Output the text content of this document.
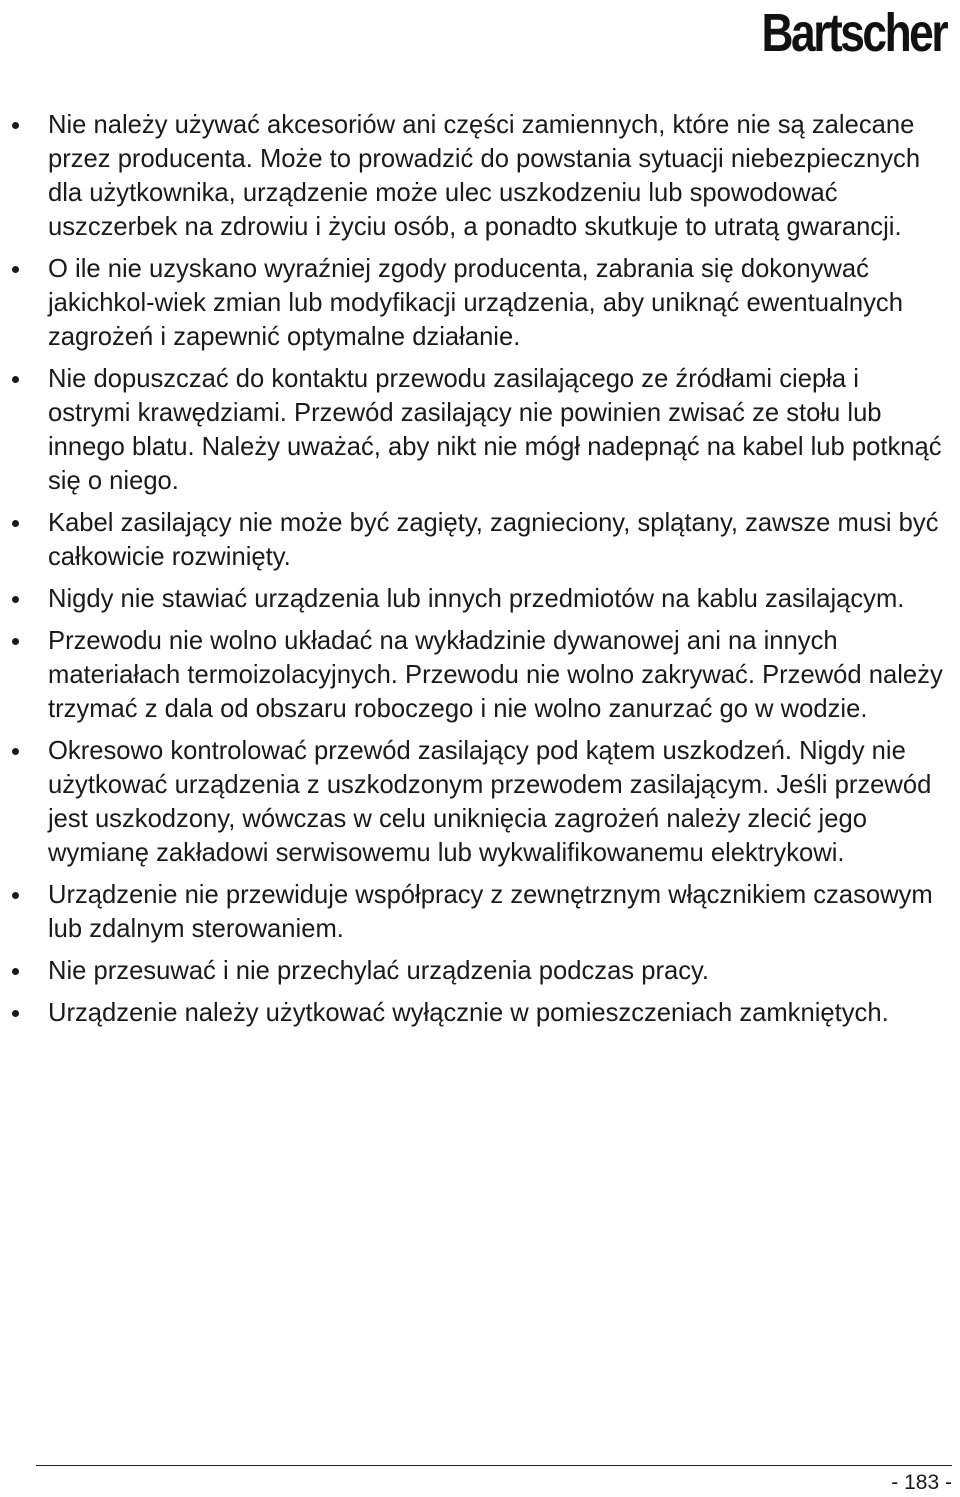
Bartscher
Nie należy używać akcesoriów ani części zamiennych, które nie są zalecane przez producenta. Może to prowadzić do powstania sytuacji niebezpiecznych dla użytkownika, urządzenie może ulec uszkodzeniu lub spowodować uszczerbek na zdrowiu i życiu osób, a ponadto skutkuje to utratą gwarancji.
O ile nie uzyskano wyraźniej zgody producenta, zabrania się dokonywać jakichkol-wiek zmian lub modyfikacji urządzenia, aby uniknąć ewentualnych zagrożeń i zapewnić optymalne działanie.
Nie dopuszczać do kontaktu przewodu zasilającego ze źródłami ciepła i ostrymi krawędziami. Przewód zasilający nie powinien zwisać ze stołu lub innego blatu. Należy uważać, aby nikt nie mógł nadepnąć na kabel lub potknąć się o niego.
Kabel zasilający nie może być zagięty, zagnieciony, splątany, zawsze musi być całkowicie rozwinięty.
Nigdy nie stawiać urządzenia lub innych przedmiotów na kablu zasilającym.
Przewodu nie wolno układać na wykładzinie dywanowej ani na innych materiałach termoizolacyjnych. Przewodu nie wolno zakrywać. Przewód należy trzymać z dala od obszaru roboczego i nie wolno zanurzać go w wodzie.
Okresowo kontrolować przewód zasilający pod kątem uszkodzeń. Nigdy nie użytkować urządzenia z uszkodzonym przewodem zasilającym. Jeśli przewód jest uszkodzony, wówczas w celu uniknięcia zagrożeń należy zlecić jego wymianę zakładowi serwisowemu lub wykwalifikowanemu elektrykowi.
Urządzenie nie przewiduje współpracy z zewnętrznym włącznikiem czasowym lub zdalnym sterowaniem.
Nie przesuwać i nie przechylać urządzenia podczas pracy.
Urządzenie należy użytkować wyłącznie w pomieszczeniach zamkniętych.
- 183 -
